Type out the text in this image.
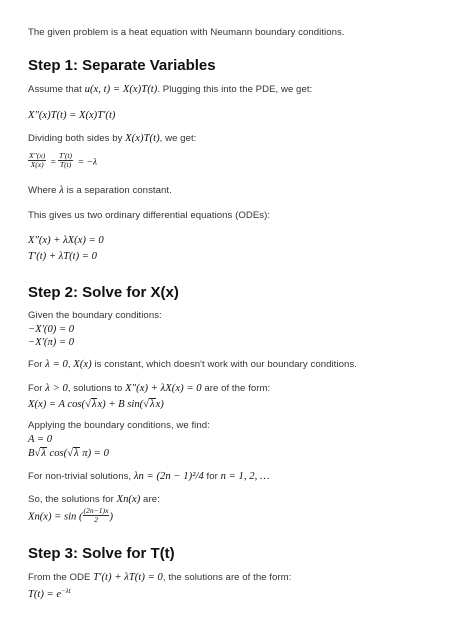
The given problem is a heat equation with Neumann boundary conditions.
Step 1: Separate Variables
Assume that u(x, t) = X(x)T(t). Plugging this into the PDE, we get:
X″(x)T(t) = X(x)T′(t)
Dividing both sides by X(x)T(t), we get:
$\frac{X''(x)}{X(x)} = \frac{T'(t)}{T(t)} = -\lambda$
Where λ is a separation constant.
This gives us two ordinary differential equations (ODEs):
X″(x) + λX(x) = 0
T′(t) + λT(t) = 0
Step 2: Solve for X(x)
Given the boundary conditions:
−X′(0) = 0
−X′(π) = 0
For λ = 0, X(x) is constant, which doesn't work with our boundary conditions.
For λ > 0, solutions to X″(x) + λX(x) = 0 are of the form:
X(x) = A cos(√λx) + B sin(√λx)
Applying the boundary conditions, we find:
A = 0
B√λ cos(√λ π) = 0
For non-trivial solutions, λn = (2n − 1)²/4 for n = 1, 2, …
So, the solutions for Xn(x) are:
Xn(x) = sin ( $\frac{(2n-1)x}{2}$ )
Step 3: Solve for T(t)
From the ODE T′(t) + λT(t) = 0, the solutions are of the form:
$T(t) = e^{-\lambda t}$
